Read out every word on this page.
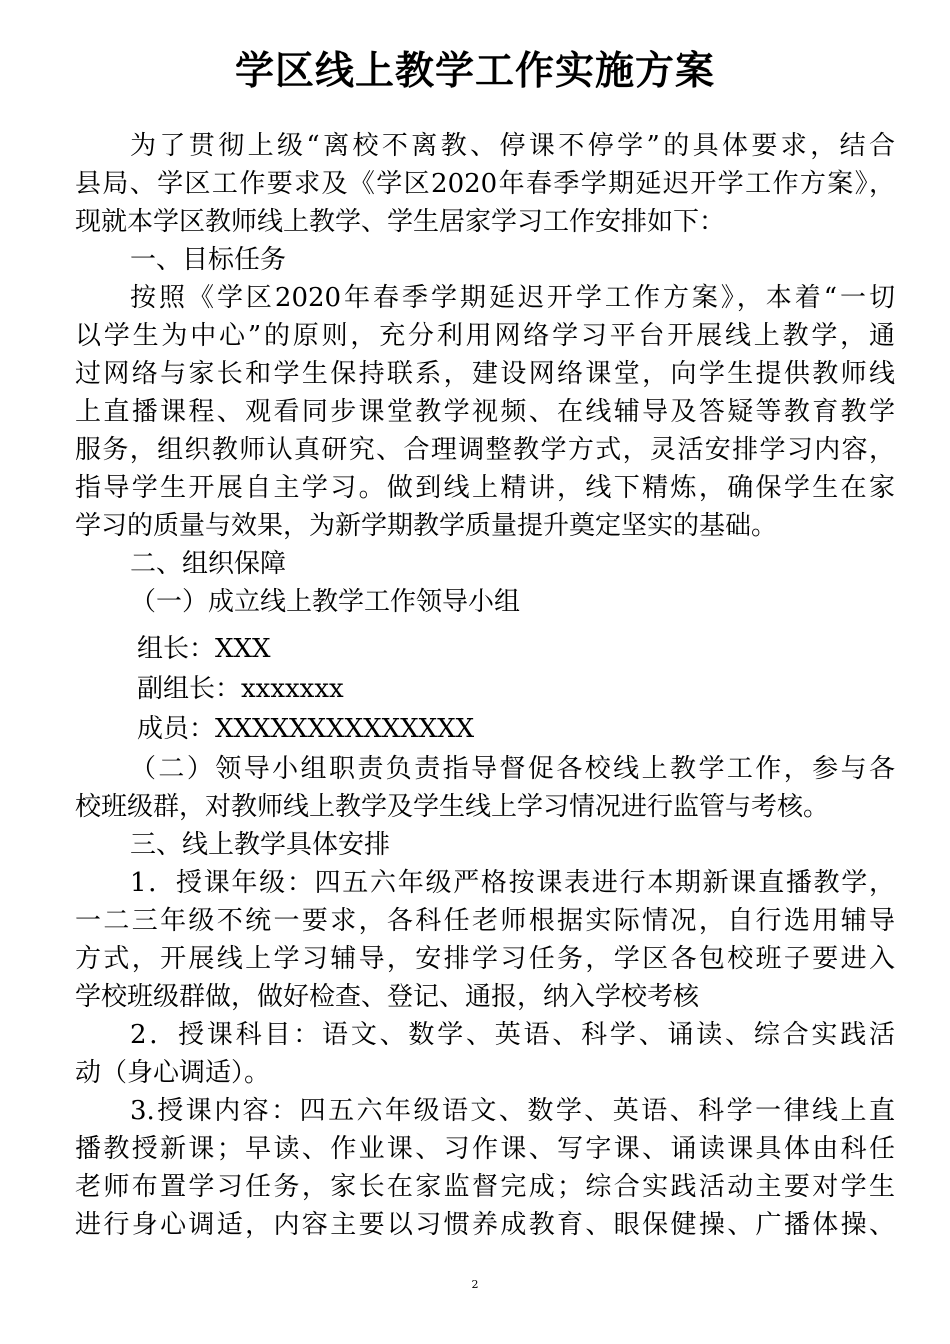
学区线上教学工作实施方案
为了贯彻上级“离校不离教、停课不停学”的具体要求，结合
县局、学区工作要求及《学区2020年春季学期延迟开学工作方案》，
现就本学区教师线上教学、学生居家学习工作安排如下：
一、目标任务
按照《学区2020年春季学期延迟开学工作方案》，本着“一切
以学生为中心”的原则，充分利用网络学习平台开展线上教学，通
过网络与家长和学生保持联系，建设网络课堂，向学生提供教师线
上直播课程、观看同步课堂教学视频、在线辅导及答疑等教育教学
服务，组织教师认真研究、合理调整教学方式，灵活安排学习内容，
指导学生开展自主学习。做到线上精讲，线下精炼，确保学生在家
学习的质量与效果，为新学期教学质量提升奠定坚实的基础。
二、组织保障
（一）成立线上教学工作领导小组
组长：XXX
副组长：xxxxxxx
成员：XXXXXXXXXXXXXX
（二）领导小组职责负责指导督促各校线上教学工作，参与各
校班级群，对教师线上教学及学生线上学习情况进行监管与考核。
三、线上教学具体安排
1．授课年级：四五六年级严格按课表进行本期新课直播教学，
一二三年级不统一要求，各科任老师根据实际情况，自行选用辅导
方式，开展线上学习辅导，安排学习任务，学区各包校班子要进入
学校班级群做，做好检查、登记、通报，纳入学校考核
2．授课科目：语文、数学、英语、科学、诵读、综合实践活
动（身心调适）。
3.授课内容：四五六年级语文、数学、英语、科学一律线上直
播教授新课；早读、作业课、习作课、写字课、诵读课具体由科任
老师布置学习任务，家长在家监督完成；综合实践活动主要对学生
进行身心调适，内容主要以习惯养成教育、眼保健操、广播体操、
2
